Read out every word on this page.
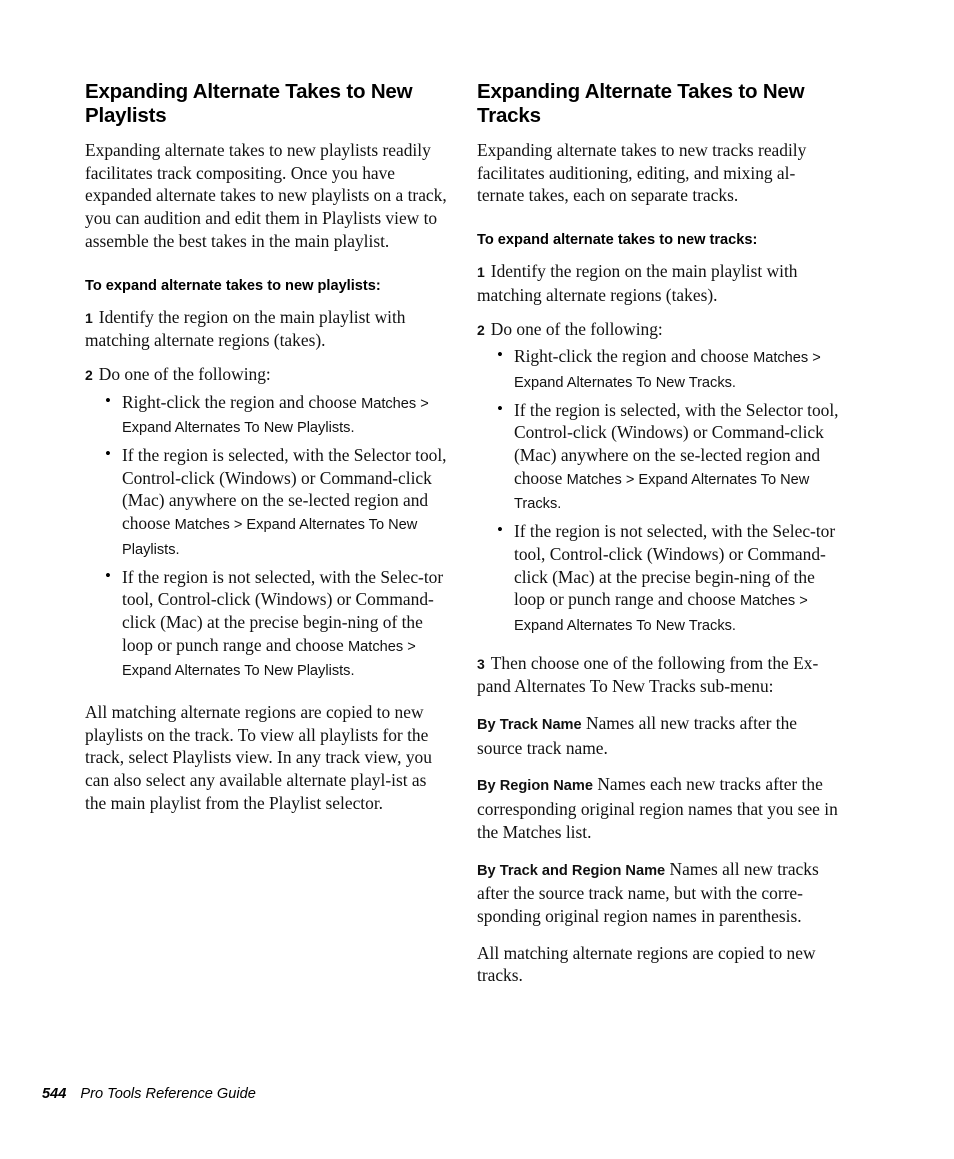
Expanding Alternate Takes to New Playlists

Expanding alternate takes to new playlists readily facilitates track compositing. Once you have expanded alternate takes to new playlists on a track, you can audition and edit them in Playlists view to assemble the best takes in the main playlist.

To expand alternate takes to new playlists:

1 Identify the region on the main playlist with matching alternate regions (takes).

2 Do one of the following:

• Right-click the region and choose Matches > Expand Alternates To New Playlists.

• If the region is selected, with the Selector tool, Control-click (Windows) or Command-click (Mac) anywhere on the se-lected region and choose Matches > Expand Alternates To New Playlists.

• If the region is not selected, with the Selec-tor tool, Control-click (Windows) or Command-click (Mac) at the precise begin-ning of the loop or punch range and choose Matches > Expand Alternates To New Playlists.

All matching alternate regions are copied to new playlists on the track. To view all playlists for the track, select Playlists view. In any track view, you can also select any available alternate playl-ist as the main playlist from the Playlist selector.

Expanding Alternate Takes to New Tracks

Expanding alternate takes to new tracks readily facilitates auditioning, editing, and mixing al-ternate takes, each on separate tracks.

To expand alternate takes to new tracks:

1 Identify the region on the main playlist with matching alternate regions (takes).

2 Do one of the following:

• Right-click the region and choose Matches > Expand Alternates To New Tracks.

• If the region is selected, with the Selector tool, Control-click (Windows) or Command-click (Mac) anywhere on the se-lected region and choose Matches > Expand Alternates To New Tracks.

• If the region is not selected, with the Selec-tor tool, Control-click (Windows) or Command-click (Mac) at the precise begin-ning of the loop or punch range and choose Matches > Expand Alternates To New Tracks.

3 Then choose one of the following from the Ex-pand Alternates To New Tracks sub-menu:

By Track Name Names all new tracks after the source track name.

By Region Name Names each new tracks after the corresponding original region names that you see in the Matches list.

By Track and Region Name Names all new tracks after the source track name, but with the corre-sponding original region names in parenthesis.

All matching alternate regions are copied to new tracks.

544 Pro Tools Reference Guide
